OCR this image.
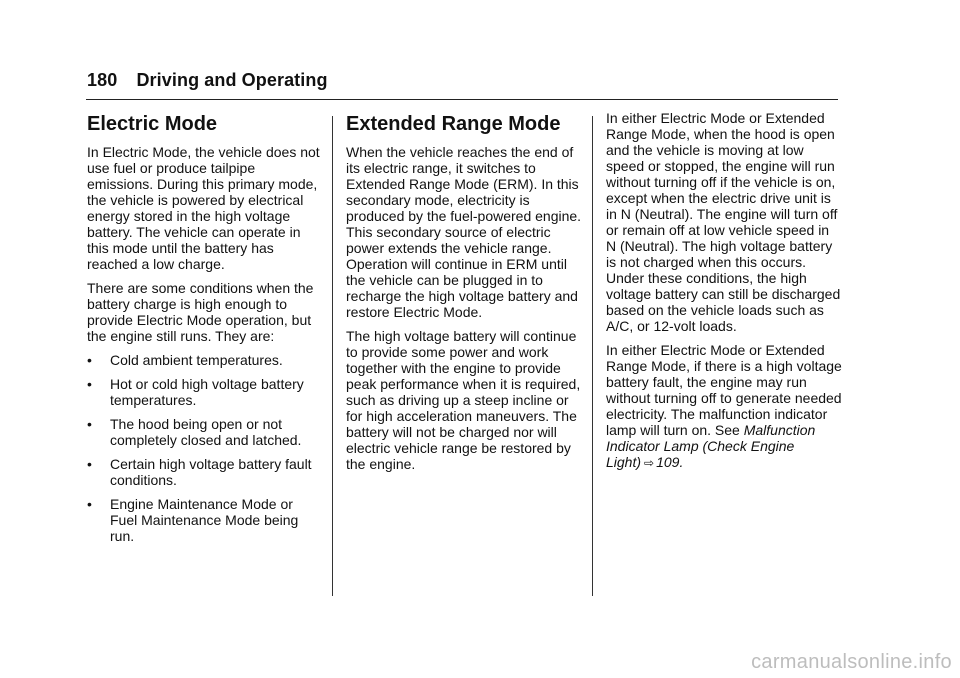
180 Driving and Operating
Electric Mode

In Electric Mode, the vehicle does not use fuel or produce tailpipe emissions. During this primary mode, the vehicle is powered by electrical energy stored in the high voltage battery. The vehicle can operate in this mode until the battery has reached a low charge.

There are some conditions when the battery charge is high enough to provide Electric Mode operation, but the engine still runs. They are:

• Cold ambient temperatures.
• Hot or cold high voltage battery temperatures.
• The hood being open or not completely closed and latched.
• Certain high voltage battery fault conditions.
• Engine Maintenance Mode or Fuel Maintenance Mode being run.
Extended Range Mode

When the vehicle reaches the end of its electric range, it switches to Extended Range Mode (ERM). In this secondary mode, electricity is produced by the fuel-powered engine. This secondary source of electric power extends the vehicle range. Operation will continue in ERM until the vehicle can be plugged in to recharge the high voltage battery and restore Electric Mode.

The high voltage battery will continue to provide some power and work together with the engine to provide peak performance when it is required, such as driving up a steep incline or for high acceleration maneuvers. The battery will not be charged nor will electric vehicle range be restored by the engine.

In either Electric Mode or Extended Range Mode, when the hood is open and the vehicle is moving at low speed or stopped, the engine will run without turning off if the vehicle is on, except when the electric drive unit is in N (Neutral). The engine will turn off or remain off at low vehicle speed in N (Neutral). The high voltage battery is not charged when this occurs. Under these conditions, the high voltage battery can still be discharged based on the vehicle loads such as A/C, or 12-volt loads.

In either Electric Mode or Extended Range Mode, if there is a high voltage battery fault, the engine may run without turning off to generate needed electricity. The malfunction indicator lamp will turn on. See Malfunction Indicator Lamp (Check Engine Light) ⇨ 109.

carmanualsonline.info
